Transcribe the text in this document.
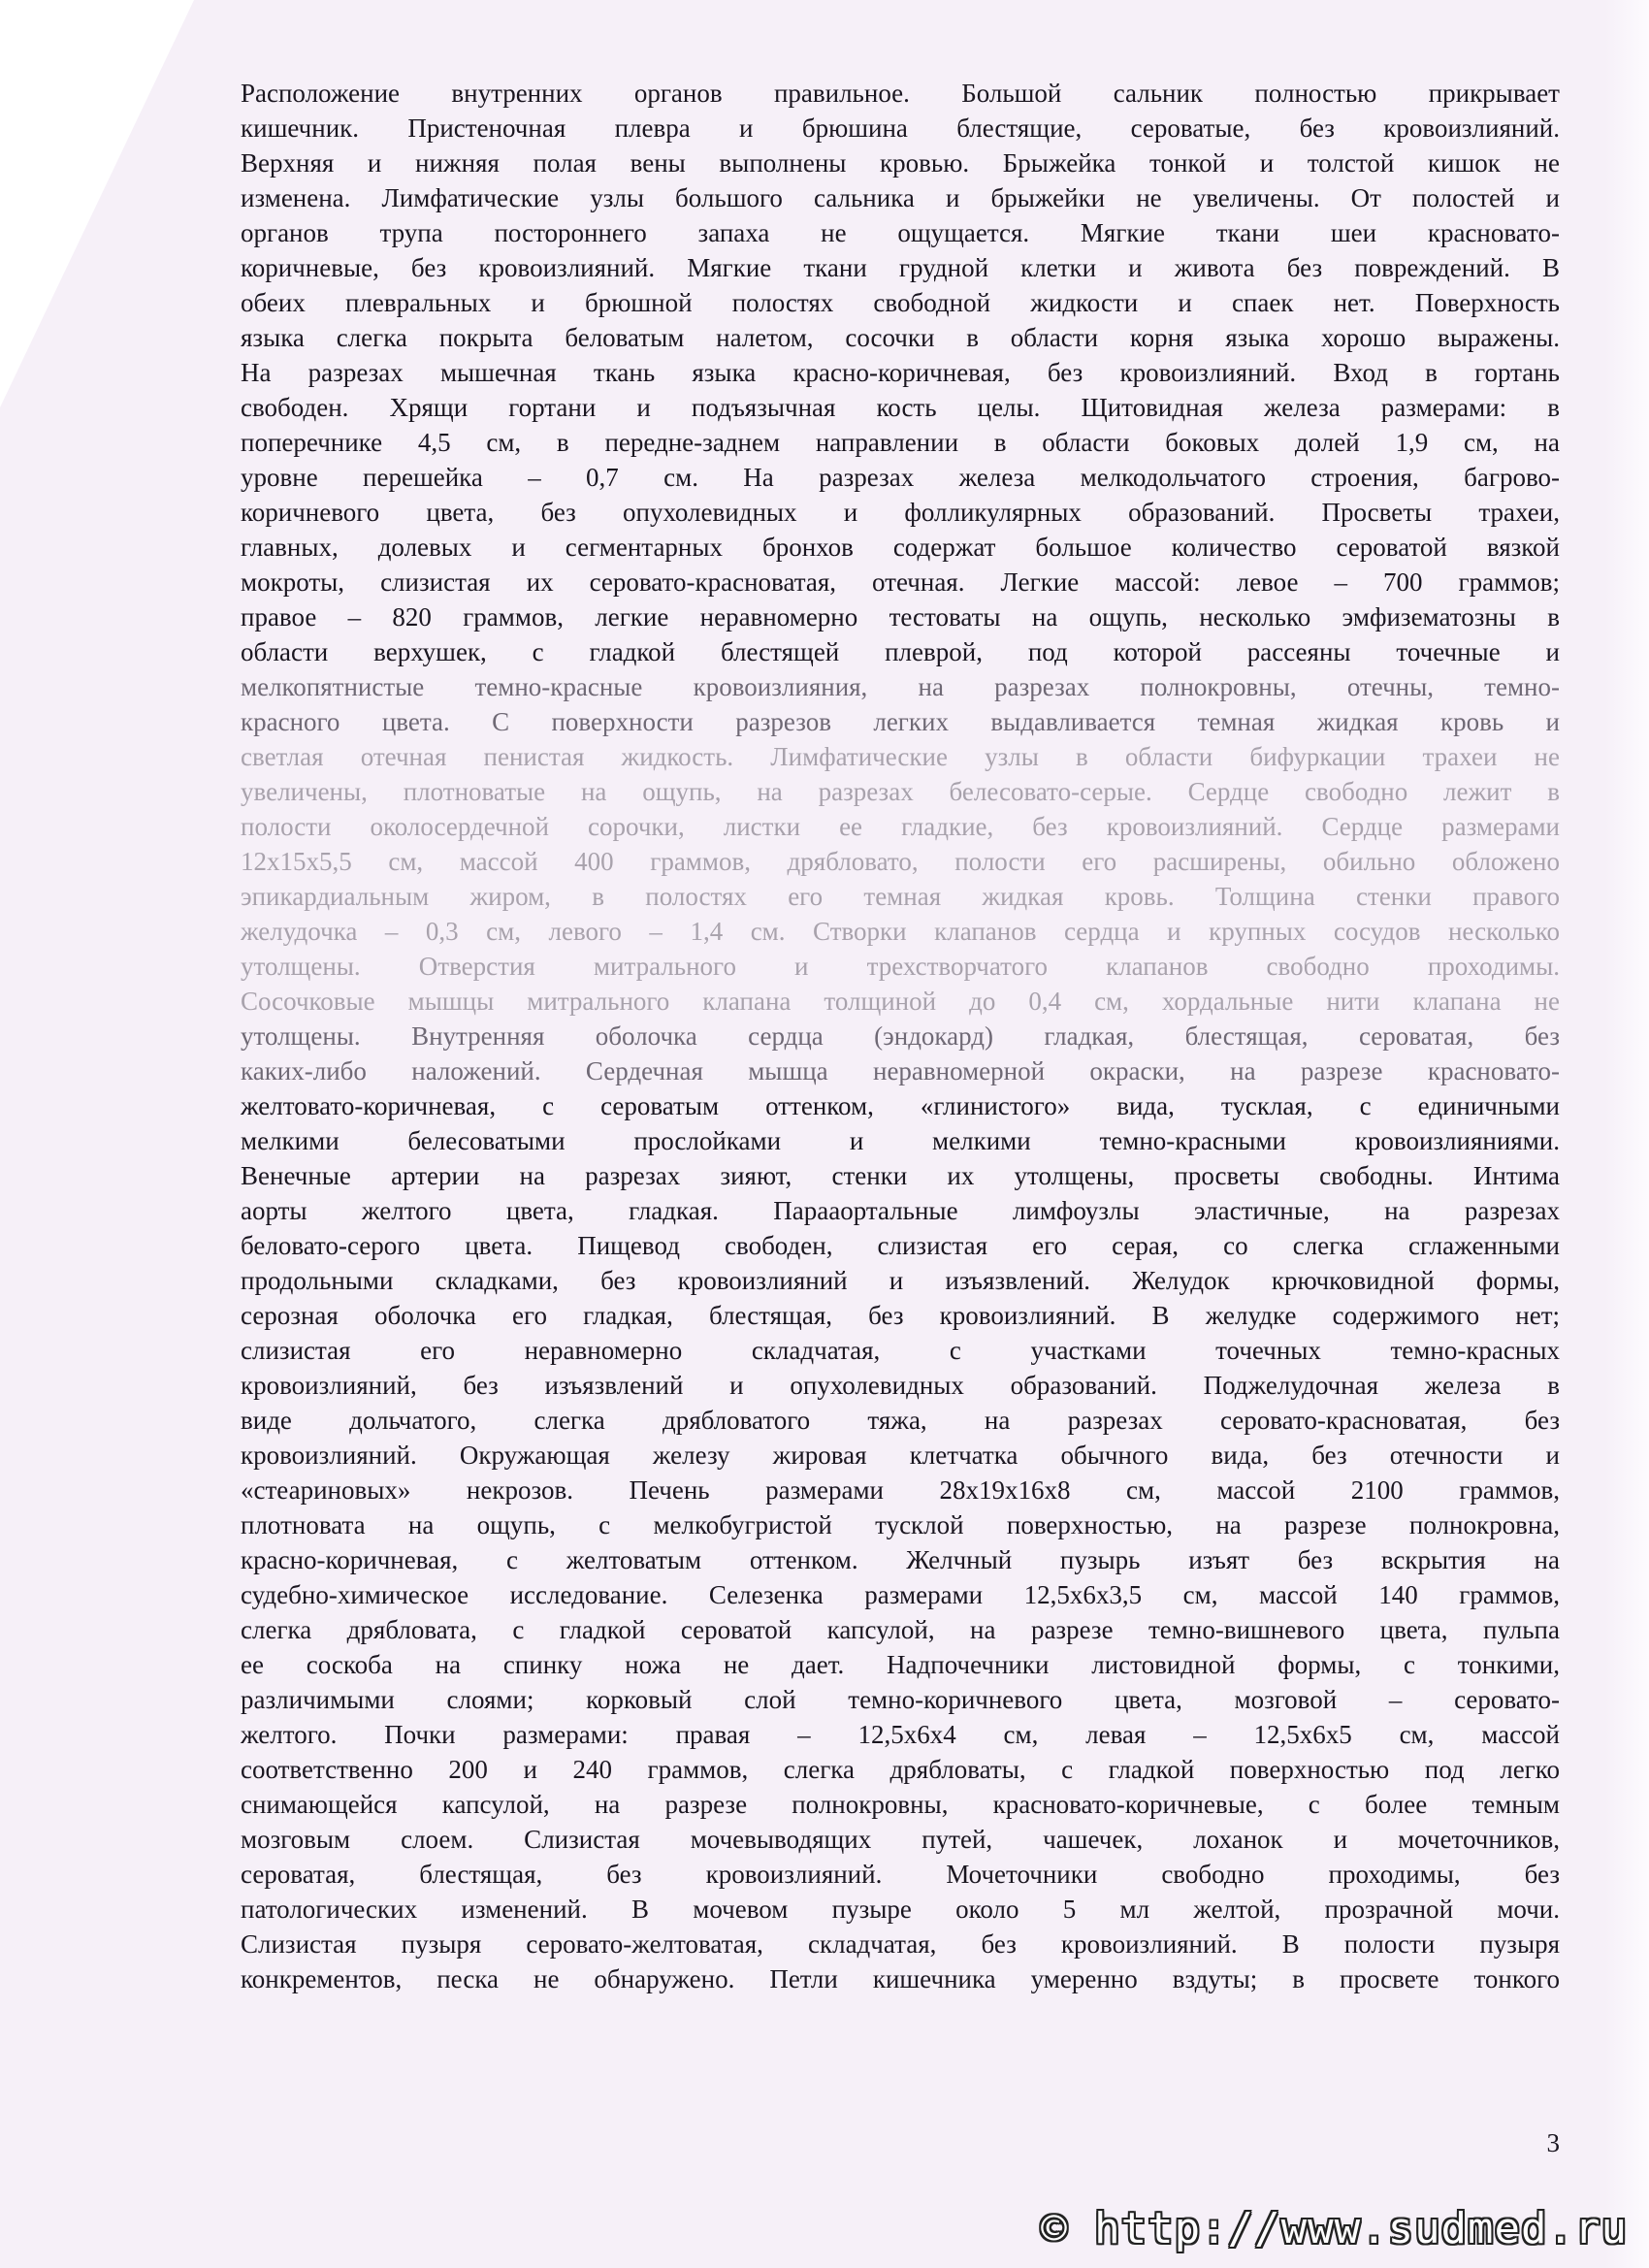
Расположение внутренних органов правильное. Большой сальник полностью прикрывает
кишечник. Пристеночная плевра и брюшина блестящие, сероватые, без кровоизлияний.
Верхняя и нижняя полая вены выполнены кровью. Брыжейка тонкой и толстой кишок не
изменена. Лимфатические узлы большого сальника и брыжейки не увеличены. От полостей и
органов трупа постороннего запаха не ощущается. Мягкие ткани шеи красновато-
коричневые, без кровоизлияний. Мягкие ткани грудной клетки и живота без повреждений. В
обеих плевральных и брюшной полостях свободной жидкости и спаек нет. Поверхность
языка слегка покрыта беловатым налетом, сосочки в области корня языка хорошо выражены.
На разрезах мышечная ткань языка красно-коричневая, без кровоизлияний. Вход в гортань
свободен. Хрящи гортани и подъязычная кость целы. Щитовидная железа размерами: в
поперечнике 4,5 см, в передне-заднем направлении в области боковых долей 1,9 см, на
уровне перешейка – 0,7 см. На разрезах железа мелкодольчатого строения, багрово-
коричневого цвета, без опухолевидных и фолликулярных образований. Просветы трахеи,
главных, долевых и сегментарных бронхов содержат большое количество сероватой вязкой
мокроты, слизистая их серовато-красноватая, отечная. Легкие массой: левое – 700 граммов;
правое – 820 граммов, легкие неравномерно тестоваты на ощупь, несколько эмфизематозны в
области верхушек, с гладкой блестящей плеврой, под которой рассеяны точечные и
мелкопятнистые темно-красные кровоизлияния, на разрезах полнокровны, отечны, темно-
красного цвета. С поверхности разрезов легких выдавливается темная жидкая кровь и
светлая отечная пенистая жидкость. Лимфатические узлы в области бифуркации трахеи не
увеличены, плотноватые на ощупь, на разрезах белесовато-серые. Сердце свободно лежит в
полости околосердечной сорочки, листки ее гладкие, без кровоизлияний. Сердце размерами
12х15х5,5 см, массой 400 граммов, дрябловато, полости его расширены, обильно обложено
эпикардиальным жиром, в полостях его темная жидкая кровь. Толщина стенки правого
желудочка – 0,3 см, левого – 1,4 см. Створки клапанов сердца и крупных сосудов несколько
утолщены. Отверстия митрального и трехстворчатого клапанов свободно проходимы.
Сосочковые мышцы митрального клапана толщиной до 0,4 см, хордальные нити клапана не
утолщены. Внутренняя оболочка сердца (эндокард) гладкая, блестящая, сероватая, без
каких-либо наложений. Сердечная мышца неравномерной окраски, на разрезе красновато-
желтовато-коричневая, с сероватым оттенком, «глинистого» вида, тусклая, с единичными
мелкими белесоватыми прослойками и мелкими темно-красными кровоизлияниями.
Венечные артерии на разрезах зияют, стенки их утолщены, просветы свободны. Интима
аорты желтого цвета, гладкая. Парааортальные лимфоузлы эластичные, на разрезах
беловато-серого цвета. Пищевод свободен, слизистая его серая, со слегка сглаженными
продольными складками, без кровоизлияний и изъязвлений. Желудок крючковидной формы,
серозная оболочка его гладкая, блестящая, без кровоизлияний. В желудке содержимого нет;
слизистая его неравномерно складчатая, с участками точечных темно-красных
кровоизлияний, без изъязвлений и опухолевидных образований. Поджелудочная железа в
виде дольчатого, слегка дрябловатого тяжа, на разрезах серовато-красноватая, без
кровоизлияний. Окружающая железу жировая клетчатка обычного вида, без отечности и
«стеариновых» некрозов. Печень размерами 28х19х16х8 см, массой 2100 граммов,
плотновата на ощупь, с мелкобугристой тусклой поверхностью, на разрезе полнокровна,
красно-коричневая, с желтоватым оттенком. Желчный пузырь изъят без вскрытия на
судебно-химическое исследование. Селезенка размерами 12,5х6х3,5 см, массой 140 граммов,
слегка дрябловата, с гладкой сероватой капсулой, на разрезе темно-вишневого цвета, пульпа
ее соскоба на спинку ножа не дает. Надпочечники листовидной формы, с тонкими,
различимыми слоями; корковый слой темно-коричневого цвета, мозговой – серовато-
желтого. Почки размерами: правая – 12,5х6х4 см, левая – 12,5х6х5 см, массой
соответственно 200 и 240 граммов, слегка дрябловаты, с гладкой поверхностью под легко
снимающейся капсулой, на разрезе полнокровны, красновато-коричневые, с более темным
мозговым слоем. Слизистая мочевыводящих путей, чашечек, лоханок и мочеточников,
сероватая, блестящая, без кровоизлияний. Мочеточники свободно проходимы, без
патологических изменений. В мочевом пузыре около 5 мл желтой, прозрачной мочи.
Слизистая пузыря серовато-желтоватая, складчатая, без кровоизлияний. В полости пузыря
конкрементов, песка не обнаружено. Петли кишечника умеренно вздуты; в просвете тонкого
3
© http://www.sudmed.ru
